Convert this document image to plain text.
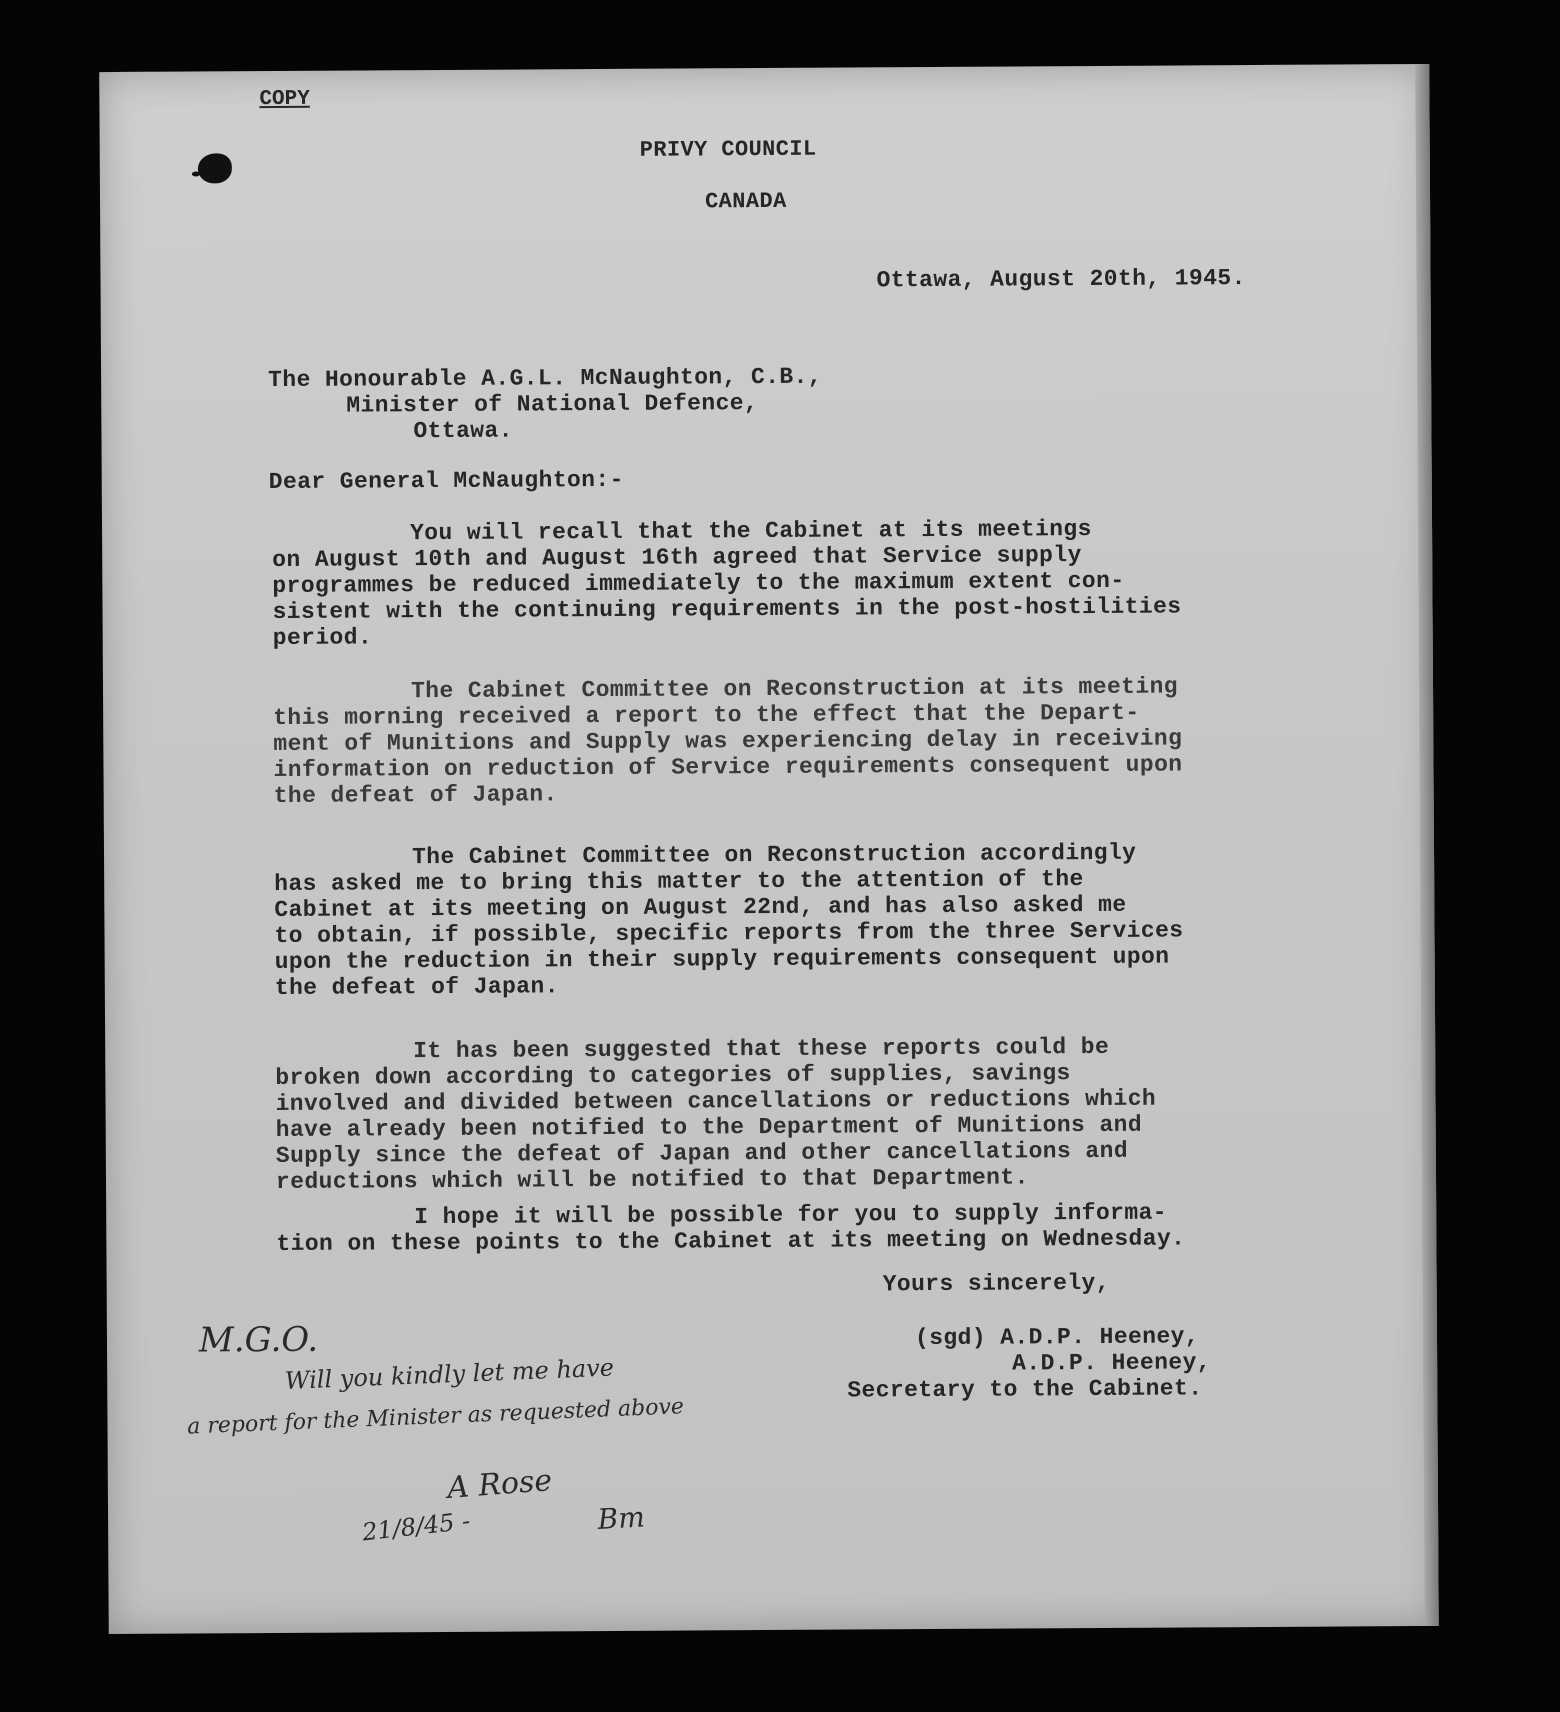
COPY
PRIVY COUNCIL
CANADA
Ottawa, August 20th, 1945.
The Honourable A.G.L. McNaughton, C.B.,
Minister of National Defence,
Ottawa.
Dear General McNaughton:-
You will recall that the Cabinet at its meetings
on August 10th and August 16th agreed that Service supply
programmes be reduced immediately to the maximum extent con-
sistent with the continuing requirements in the post-hostilities
period.
The Cabinet Committee on Reconstruction at its meeting
this morning received a report to the effect that the Depart-
ment of Munitions and Supply was experiencing delay in receiving
information on reduction of Service requirements consequent upon
the defeat of Japan.
The Cabinet Committee on Reconstruction accordingly
has asked me to bring this matter to the attention of the
Cabinet at its meeting on August 22nd, and has also asked me
to obtain, if possible, specific reports from the three Services
upon the reduction in their supply requirements consequent upon
the defeat of Japan.
It has been suggested that these reports could be
broken down according to categories of supplies, savings
involved and divided between cancellations or reductions which
have already been notified to the Department of Munitions and
Supply since the defeat of Japan and other cancellations and
reductions which will be notified to that Department.
I hope it will be possible for you to supply informa-
tion on these points to the Cabinet at its meeting on Wednesday.
Yours sincerely,
(sgd) A.D.P. Heeney,
A.D.P. Heeney,
Secretary to the Cabinet.
M.G.O.
Will you kindly let me have
a report for the Minister as requested above
A Rose
21/8/45 -	Bm
